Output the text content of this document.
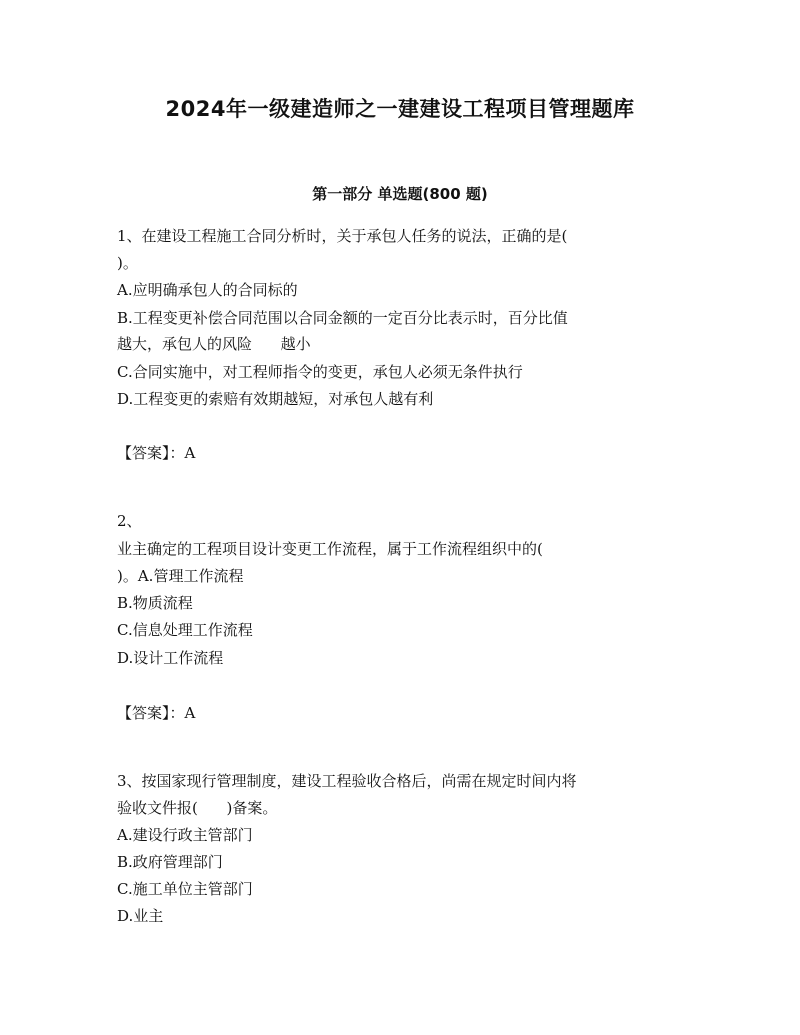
2024年一级建造师之一建建设工程项目管理题库
第一部分 单选题(800 题)
1、在建设工程施工合同分析时，关于承包人任务的说法，正确的是(
)。
A.应明确承包人的合同标的
B.工程变更补偿合同范围以合同金额的一定百分比表示时，百分比值
越大，承包人的风险      越小
C.合同实施中，对工程师指令的变更，承包人必须无条件执行
D.工程变更的索赔有效期越短，对承包人越有利
【答案】：A
2、
业主确定的工程项目设计变更工作流程，属于工作流程组织中的(
)。A.管理工作流程
B.物质流程
C.信息处理工作流程
D.设计工作流程
【答案】：A
3、按国家现行管理制度，建设工程验收合格后，尚需在规定时间内将
验收文件报(      )备案。
A.建设行政主管部门
B.政府管理部门
C.施工单位主管部门
D.业主
